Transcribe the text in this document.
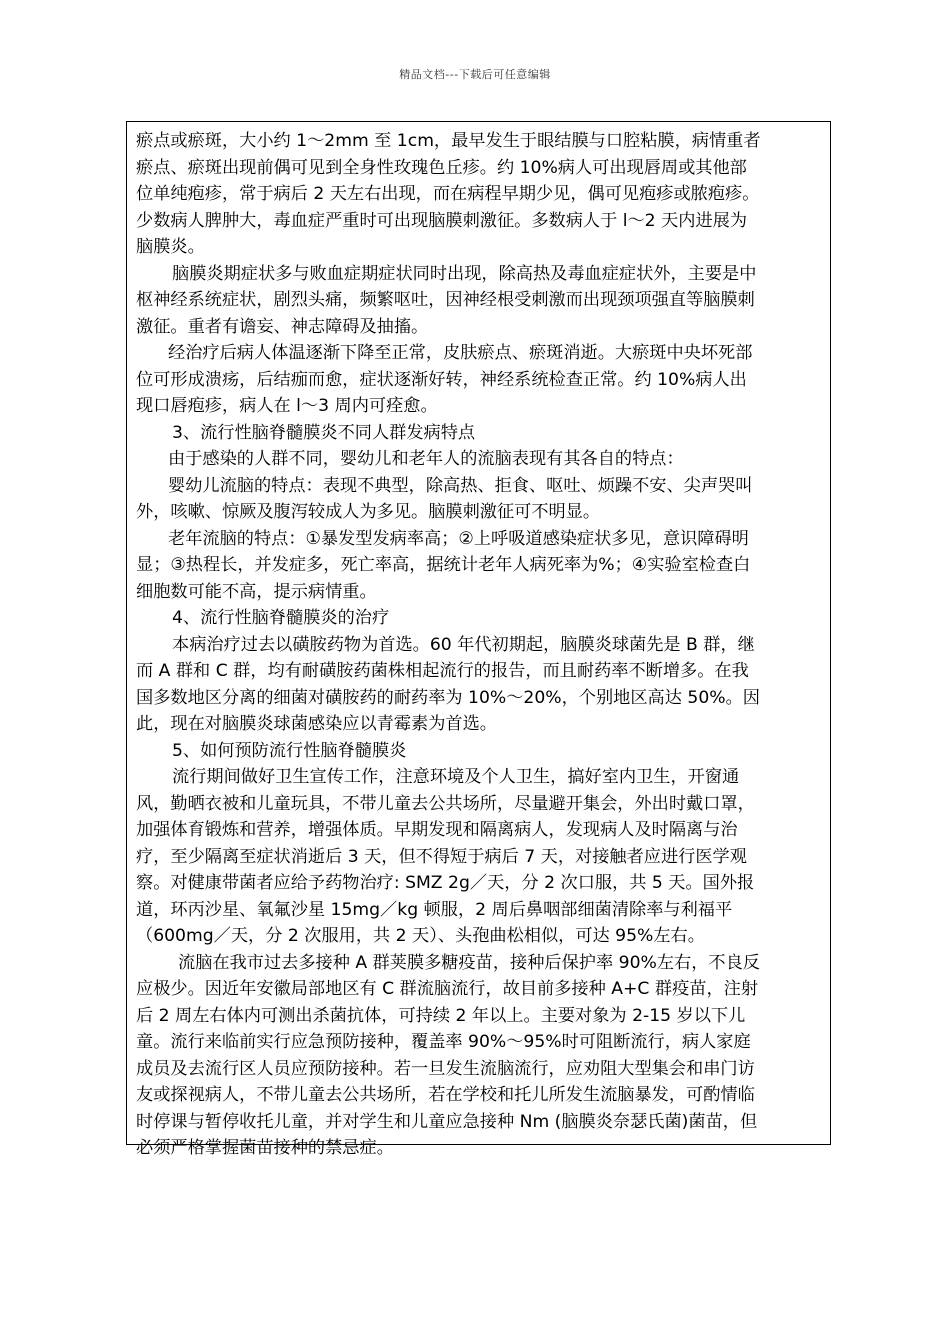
精品文档---下载后可任意编辑
瘀点或瘀斑，大小约 1～2mm 至 1cm，最早发生于眼结膜与口腔粘膜，病情重者
瘀点、瘀斑出现前偶可见到全身性玫瑰色丘疹。约 10%病人可出现唇周或其他部
位单纯疱疹，常于病后 2 天左右出现，而在病程早期少见，偶可见疱疹或脓疱疹。
少数病人脾肿大，毒血症严重时可出现脑膜刺激征。多数病人于 l～2 天内进展为
脑膜炎。
脑膜炎期症状多与败血症期症状同时出现，除高热及毒血症症状外，主要是中
枢神经系统症状，剧烈头痛，频繁呕吐，因神经根受刺激而出现颈项强直等脑膜刺
激征。重者有谵妄、神志障碍及抽搐。
经治疗后病人体温逐渐下降至正常，皮肤瘀点、瘀斑消逝。大瘀斑中央坏死部
位可形成溃疡，后结痂而愈，症状逐渐好转，神经系统检查正常。约 10%病人出
现口唇疱疹，病人在 l～3 周内可痊愈。
3、流行性脑脊髓膜炎不同人群发病特点
由于感染的人群不同，婴幼儿和老年人的流脑表现有其各自的特点：
婴幼儿流脑的特点：表现不典型，除高热、拒食、呕吐、烦躁不安、尖声哭叫
外，咳嗽、惊厥及腹泻较成人为多见。脑膜刺激征可不明显。
老年流脑的特点：①暴发型发病率高；②上呼吸道感染症状多见，意识障碍明
显；③热程长，并发症多，死亡率高，据统计老年人病死率为%；④实验室检查白
细胞数可能不高，提示病情重。
4、流行性脑脊髓膜炎的治疗
本病治疗过去以磺胺药物为首选。60 年代初期起，脑膜炎球菌先是 B 群，继
而 A 群和 C 群，均有耐磺胺药菌株相起流行的报告，而且耐药率不断增多。在我
国多数地区分离的细菌对磺胺药的耐药率为 10%～20%，个别地区高达 50%。因
此，现在对脑膜炎球菌感染应以青霉素为首选。
5、如何预防流行性脑脊髓膜炎
流行期间做好卫生宣传工作，注意环境及个人卫生，搞好室内卫生，开窗通
风，勤晒衣被和儿童玩具，不带儿童去公共场所，尽量避开集会，外出时戴口罩，
加强体育锻炼和营养，增强体质。早期发现和隔离病人，发现病人及时隔离与治
疗，至少隔离至症状消逝后 3 天，但不得短于病后 7 天，对接触者应进行医学观
察。对健康带菌者应给予药物治疗: SMZ 2g／天，分 2 次口服，共 5 天。国外报
道，环丙沙星、氧氟沙星 15mg／kg 顿服，2 周后鼻咽部细菌清除率与利福平
（600mg／天，分 2 次服用，共 2 天）、头孢曲松相似，可达 95%左右。
流脑在我市过去多接种 A 群荚膜多糖疫苗，接种后保护率 90%左右，不良反
应极少。因近年安徽局部地区有 C 群流脑流行，故目前多接种 A+C 群疫苗，注射
后 2 周左右体内可测出杀菌抗体，可持续 2 年以上。主要对象为 2-15 岁以下儿
童。流行来临前实行应急预防接种，覆盖率 90%～95%时可阻断流行，病人家庭
成员及去流行区人员应预防接种。若一旦发生流脑流行，应劝阻大型集会和串门访
友或探视病人，不带儿童去公共场所，若在学校和托儿所发生流脑暴发，可酌情临
时停课与暂停收托儿童，并对学生和儿童应急接种 Nm (脑膜炎奈瑟氏菌)菌苗，但
必须严格掌握菌苗接种的禁忌症。
